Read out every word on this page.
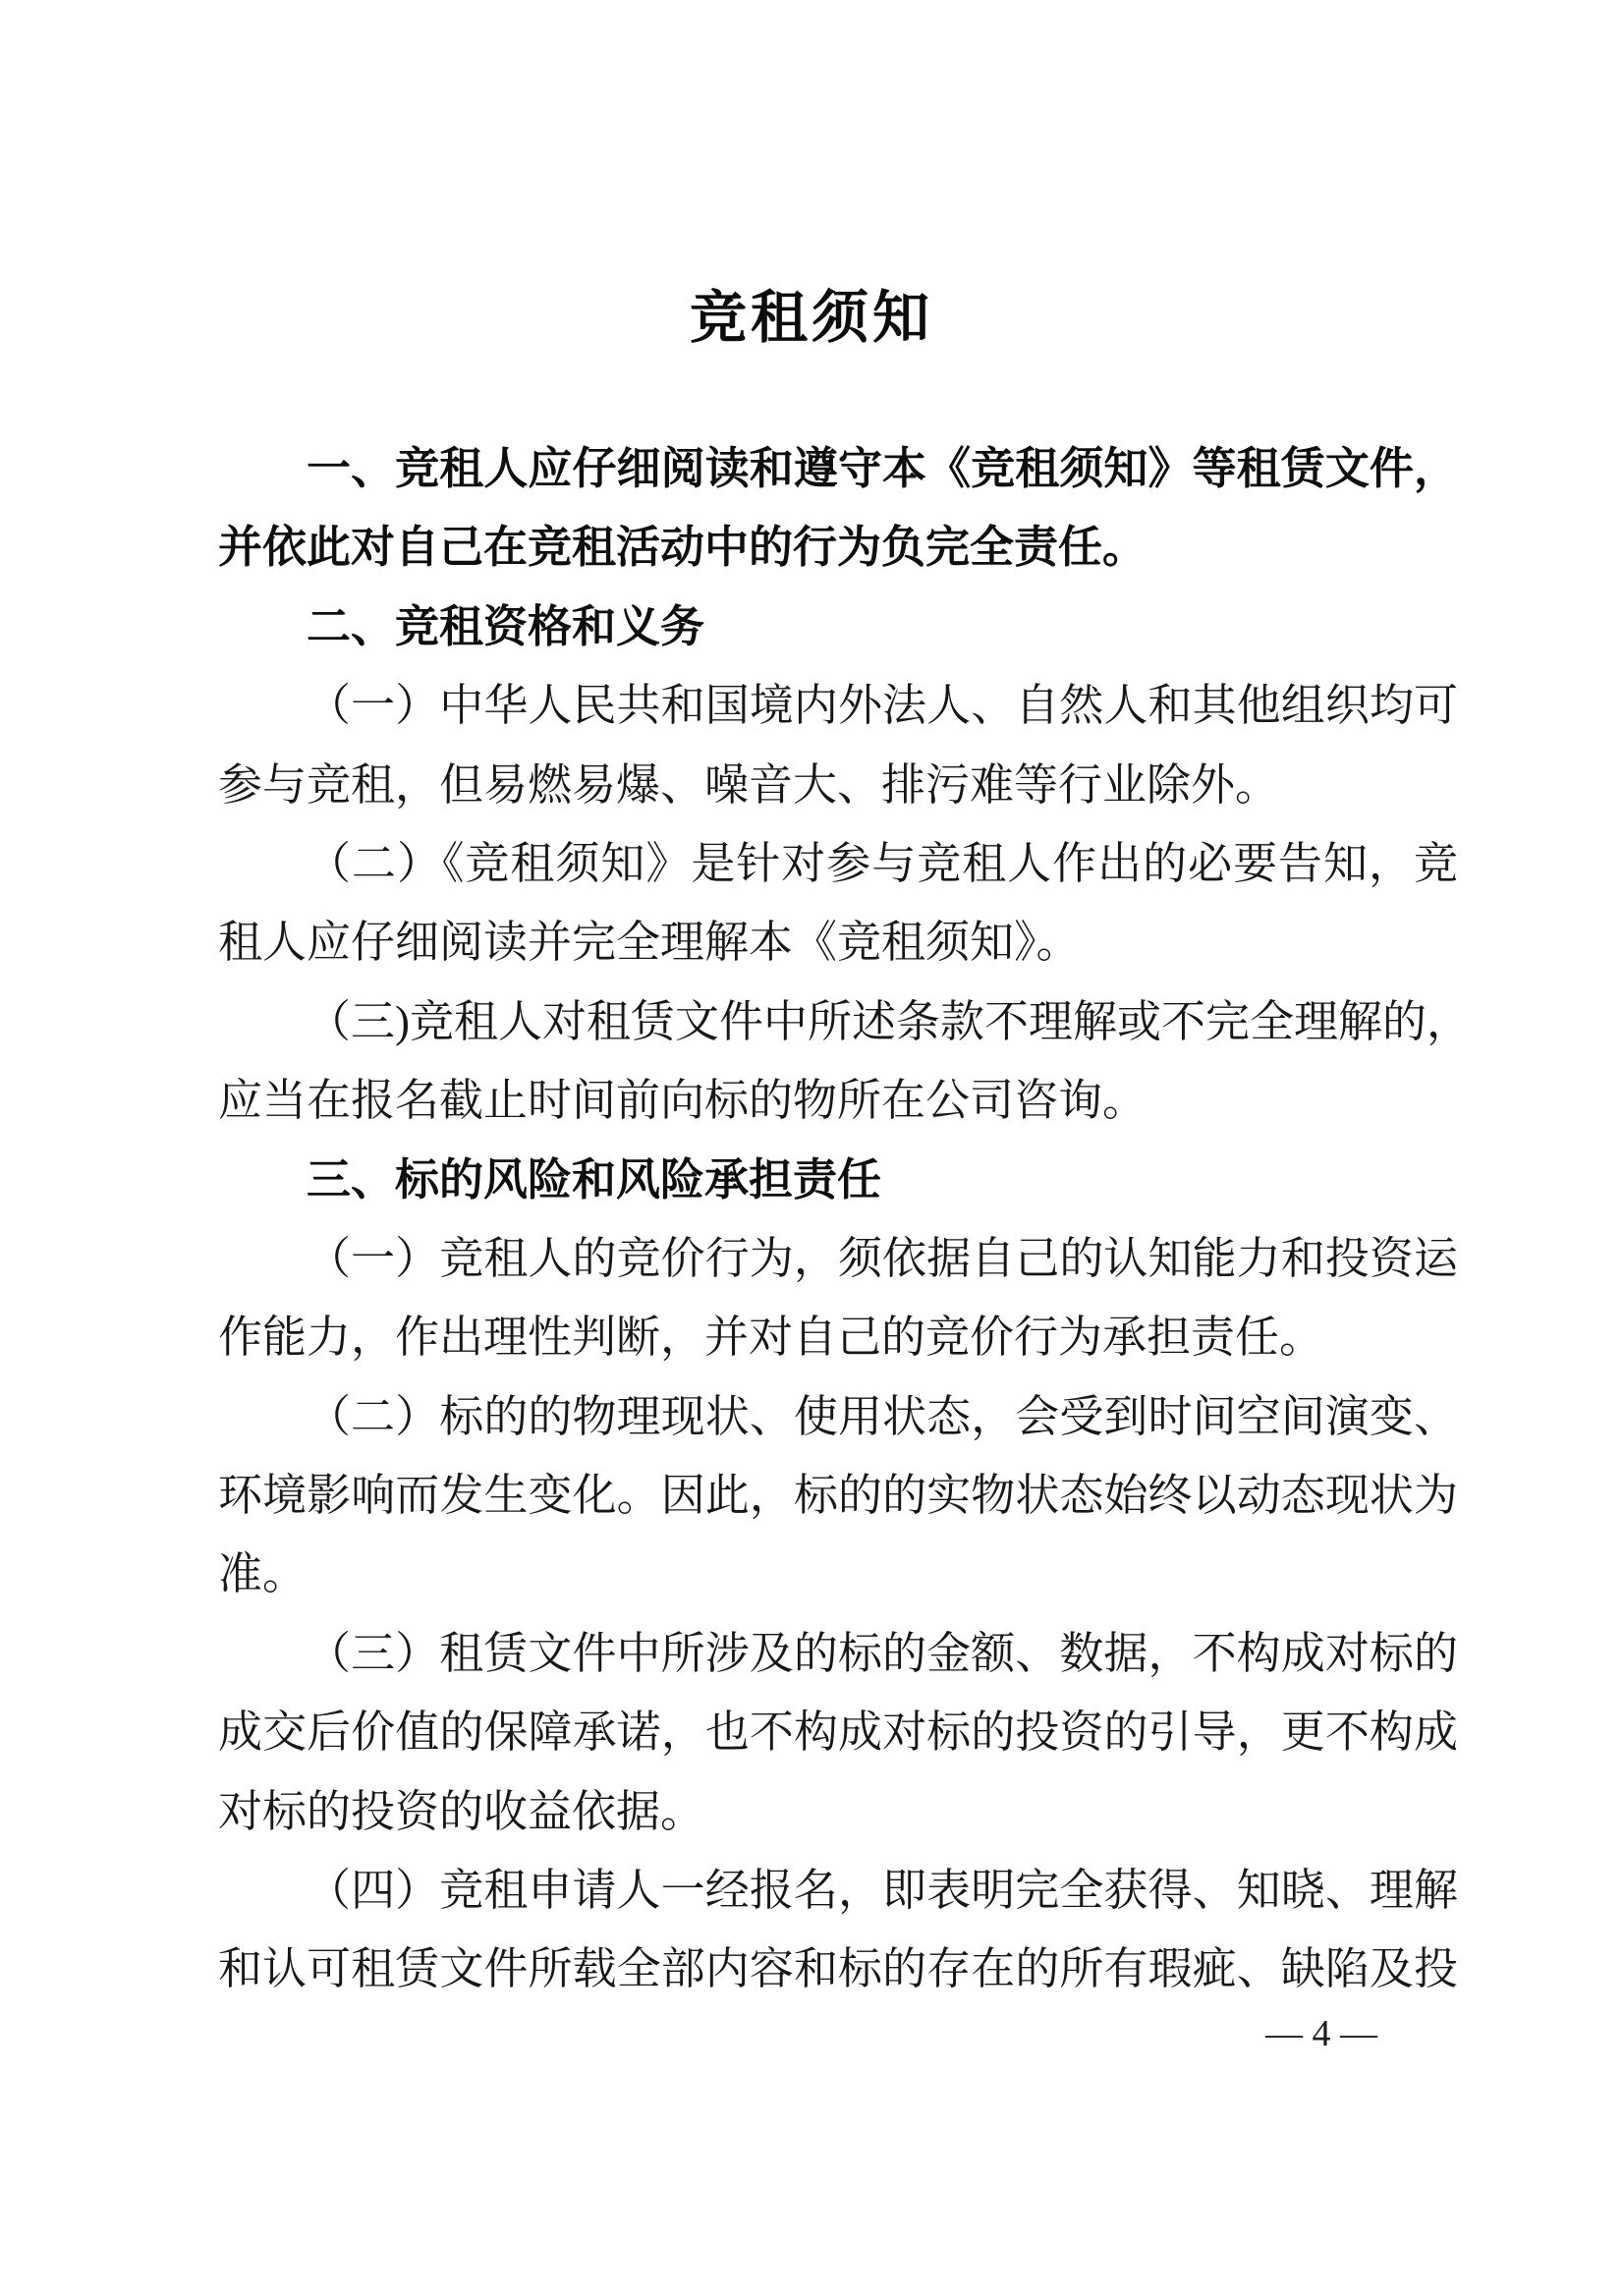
竞租须知
一、竞租人应仔细阅读和遵守本《竞租须知》等租赁文件，
并依此对自己在竞租活动中的行为负完全责任。
二、竞租资格和义务
（一）中华人民共和国境内外法人、自然人和其他组织均可
参与竞租，但易燃易爆、噪音大、排污难等行业除外。
（二）《竞租须知》是针对参与竞租人作出的必要告知，竞
租人应仔细阅读并完全理解本《竞租须知》。
（三)竞租人对租赁文件中所述条款不理解或不完全理解的，
应当在报名截止时间前向标的物所在公司咨询。
三、标的风险和风险承担责任
（一）竞租人的竞价行为，须依据自己的认知能力和投资运
作能力，作出理性判断，并对自己的竞价行为承担责任。
（二）标的的物理现状、使用状态，会受到时间空间演变、
环境影响而发生变化。因此，标的的实物状态始终以动态现状为
准。
（三）租赁文件中所涉及的标的金额、数据，不构成对标的
成交后价值的保障承诺，也不构成对标的投资的引导，更不构成
对标的投资的收益依据。
（四）竞租申请人一经报名，即表明完全获得、知晓、理解
和认可租赁文件所载全部内容和标的存在的所有瑕疵、缺陷及投
— 4 —
